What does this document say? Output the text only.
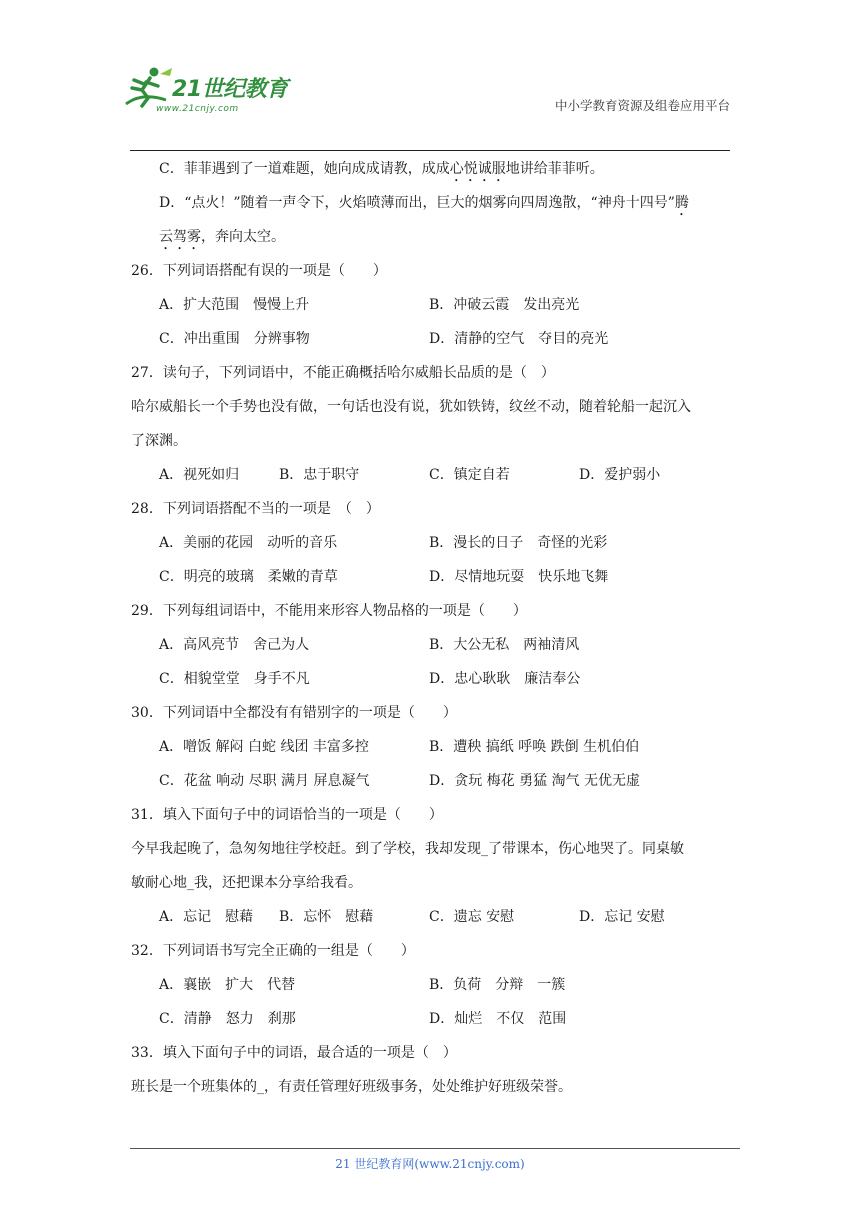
21世纪教育
www.21cnjy.com	中小学教育资源及组卷应用平台
C．菲菲遇到了一道难题，她向成成请教，成成心悦诚服地讲给菲菲听。
D．“点火！”随着一声令下，火焰喷薄而出，巨大的烟雾向四周逸散，“神舟十四号”腾
云驾雾，奔向太空。
26．下列词语搭配有误的一项是（　　）
A．扩大范围　慢慢上升	B．冲破云霞　发出亮光
C．冲出重围　分辨事物	D．清静的空气　夺目的亮光
27．读句子，下列词语中，不能正确概括哈尔威船长品质的是（　）
哈尔威船长一个手势也没有做，一句话也没有说，犹如铁铸，纹丝不动，随着轮船一起沉入
了深渊。
A．视死如归	B．忠于职守	C．镇定自若	D．爱护弱小
28．下列词语搭配不当的一项是　（　）
A．美丽的花园　动听的音乐	B．漫长的日子　奇怪的光彩
C．明亮的玻璃　柔嫩的青草	D．尽情地玩耍　快乐地飞舞
29．下列每组词语中，不能用来形容人物品格的一项是（　　）
A．高风亮节　舍己为人	B．大公无私　两袖清风
C．相貌堂堂　身手不凡	D．忠心耿耿　廉洁奉公
30．下列词语中全都没有有错别字的一项是（　　）
A．噌饭 解闷 白蛇 线团 丰富多控	B．遭秧 搞纸 呼唤 跌倒 生机伯伯
C．花盆 响动 尽职 满月 屏息凝气	D．贪玩 梅花 勇猛 淘气 无优无虚
31．填入下面句子中的词语恰当的一项是（　　）
今早我起晚了，急匆匆地往学校赶。到了学校，我却发现_了带课本，伤心地哭了。同桌敏
敏耐心地_我，还把课本分享给我看。
A．忘记　慰藉 B．忘怀　慰藉	C．遗忘 安慰	D．忘记 安慰
32．下列词语书写完全正确的一组是（　　）
A．襄嵌　扩大　代替	B．负荷　分辩　一簇
C．清静　怒力　刹那	D．灿烂　不仅　范围
33．填入下面句子中的词语，最合适的一项是（　）
班长是一个班集体的_，有责任管理好班级事务，处处维护好班级荣誉。
21 世纪教育网(www.21cnjy.com)
